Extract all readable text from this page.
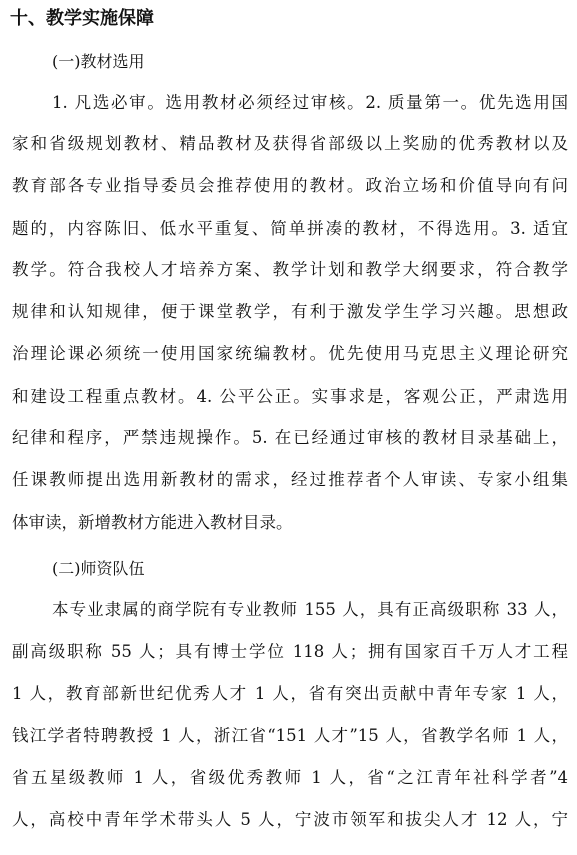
十、教学实施保障
(一)教材选用
1. 凡选必审。选用教材必须经过审核。2. 质量第一。优先选用国
家和省级规划教材、精品教材及获得省部级以上奖励的优秀教材以及
教育部各专业指导委员会推荐使用的教材。政治立场和价值导向有问
题的，内容陈旧、低水平重复、简单拼凑的教材，不得选用。3. 适宜
教学。符合我校人才培养方案、教学计划和教学大纲要求，符合教学
规律和认知规律，便于课堂教学，有利于激发学生学习兴趣。思想政
治理论课必须统一使用国家统编教材。优先使用马克思主义理论研究
和建设工程重点教材。4. 公平公正。实事求是，客观公正，严肃选用
纪律和程序，严禁违规操作。5. 在已经通过审核的教材目录基础上，
任课教师提出选用新教材的需求，经过推荐者个人审读、专家小组集
体审读，新增教材方能进入教材目录。
(二)师资队伍
本专业隶属的商学院有专业教师 155 人，具有正高级职称 33 人，
副高级职称 55 人；具有博士学位 118 人；拥有国家百千万人才工程
1 人，教育部新世纪优秀人才 1 人，省有突出贡献中青年专家 1 人，
钱江学者特聘教授 1 人，浙江省“151 人才”15 人，省教学名师 1 人，
省五星级教师 1 人，省级优秀教师 1 人，省“之江青年社科学者”4
人，高校中青年学术带头人 5 人，宁波市领军和拔尖人才 12 人，宁
